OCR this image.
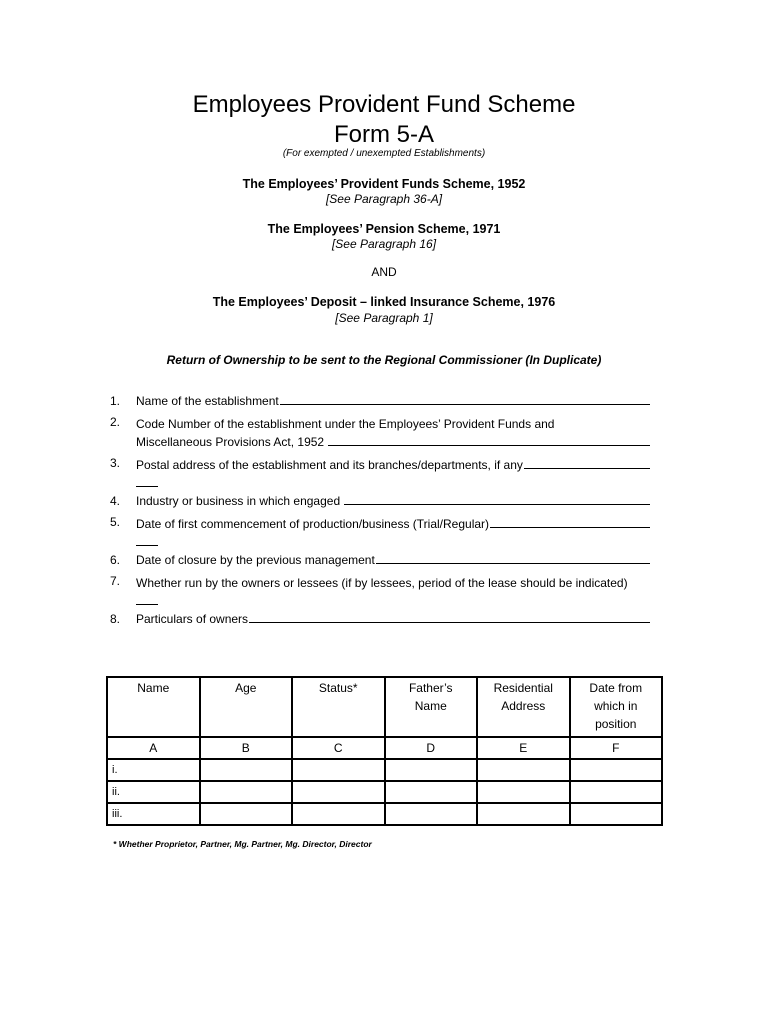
Employees Provident Fund Scheme
Form 5-A
(For exempted / unexempted Establishments)
The Employees’ Provident Funds Scheme, 1952
[See Paragraph 36-A]
The Employees’ Pension Scheme, 1971
[See Paragraph 16]
AND
The Employees’ Deposit – linked Insurance Scheme, 1976
[See Paragraph 1]
Return of Ownership to be sent to the Regional Commissioner (In Duplicate)
1.	Name of the establishment
2.	Code Number of the establishment under the Employees’ Provident Funds and
Miscellaneous Provisions Act, 1952
3.	Postal address of the establishment and its branches/departments, if any
4.	Industry or business in which engaged
5.	Date of first commencement of production/business (Trial/Regular)
6.	Date of closure by the previous management
7.	Whether run by the owners or lessees (if by lessees, period of the lease should be indicated)
8.	Particulars of owners
Name	Age	Status*	Father’s Name	Residential Address	Date from which in position
A	B	C	D	E	F
i.					
ii.					
iii.					
* Whether Proprietor, Partner, Mg. Partner, Mg. Director, Director
